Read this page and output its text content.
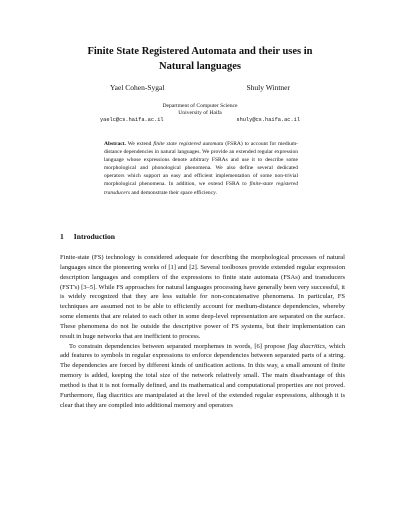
Finite State Registered Automata and their uses in
Natural languages
Yael Cohen-Sygal	Shuly Wintner
Department of Computer Science
University of Haifa
yaelc@cs.haifa.ac.il	shuly@cs.haifa.ac.il
Abstract. We extend finite state registered automata (FSRA) to account for medium-distance dependencies in natural languages. We provide an extended regular expression language whose expressions denote arbitrary FSRAs and use it to describe some morphological and phonological phenomena. We also define several dedicated operators which support an easy and efficient implementation of some non-trivial morphological phenomena. In addition, we extend FSRA to finite-state registered transducers and demonstrate their space efficiency.
1 Introduction

Finite-state (FS) technology is considered adequate for describing the morphological processes of natural languages since the pioneering works of [1] and [2]. Several toolboxes provide extended regular expression description languages and compilers of the expressions to finite state automata (FSAs) and transducers (FST's) [3–5]. While FS approaches for natural languages processing have generally been very successful, it is widely recognized that they are less suitable for non-concatenative phenomena. In particular, FS techniques are assumed not to be able to efficiently account for medium-distance dependencies, whereby some elements that are related to each other in some deep-level representation are separated on the surface. These phenomena do not lie outside the descriptive power of FS systems, but their implementation can result in huge networks that are inefficient to process.

To constrain dependencies between separated morphemes in words, [6] propose flag diacritics, which add features to symbols in regular expressions to enforce dependencies between separated parts of a string. The dependencies are forced by different kinds of unification actions. In this way, a small amount of finite memory is added, keeping the total size of the network relatively small. The main disadvantage of this method is that it is not formally defined, and its mathematical and computational properties are not proved. Furthermore, flag diacritics are manipulated at the level of the extended regular expressions, although it is clear that they are compiled into additional memory and operators
